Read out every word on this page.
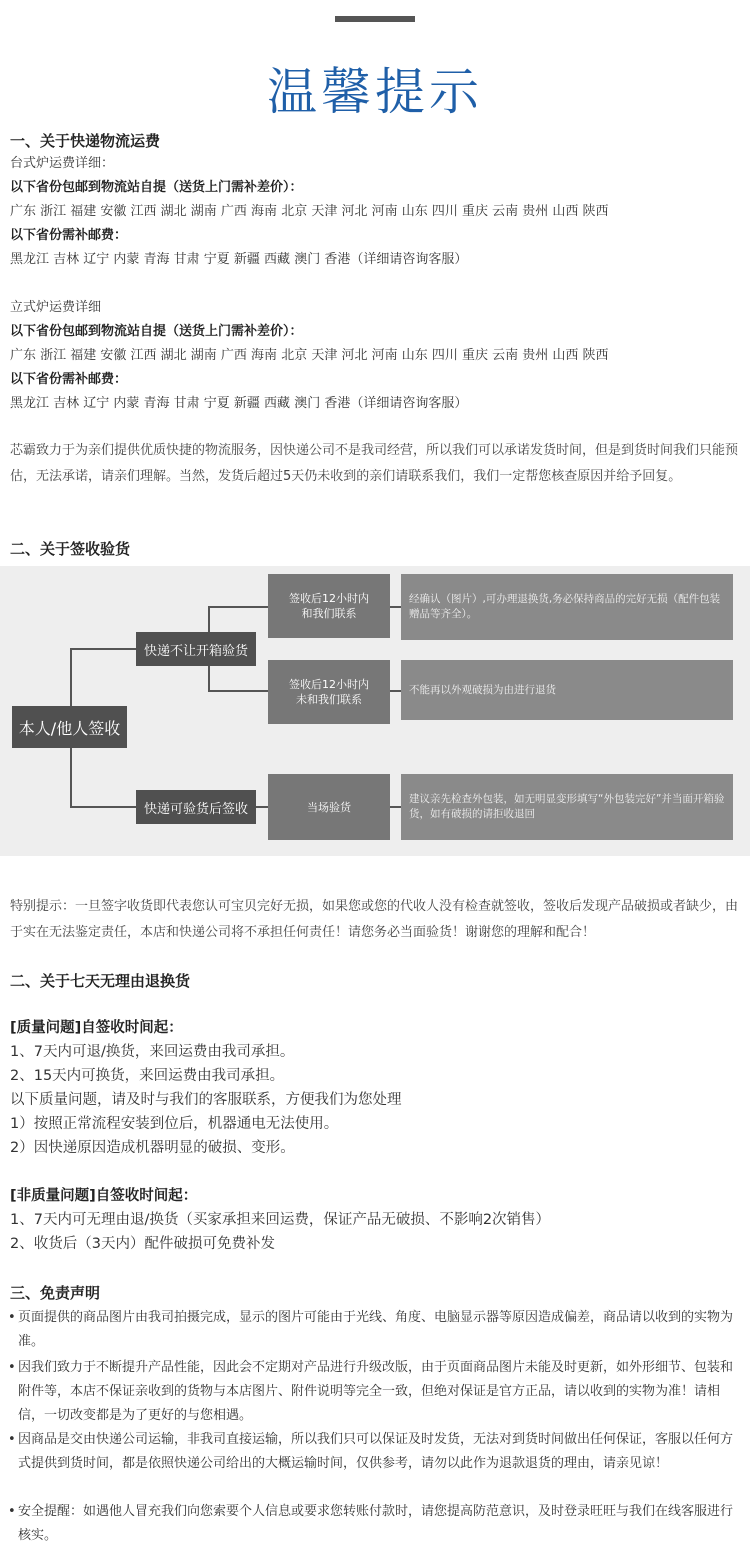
温馨提示
一、关于快递物流运费
台式炉运费详细：
以下省份包邮到物流站自提（送货上门需补差价）：
广东 浙江 福建 安徽 江西 湖北 湖南 广西 海南 北京 天津 河北 河南 山东 四川 重庆 云南 贵州 山西 陕西
以下省份需补邮费：
黑龙江 吉林 辽宁 内蒙 青海 甘肃 宁夏 新疆 西藏 澳门 香港（详细请咨询客服）
立式炉运费详细
以下省份包邮到物流站自提（送货上门需补差价）：
广东 浙江 福建 安徽 江西 湖北 湖南 广西 海南 北京 天津 河北 河南 山东 四川 重庆 云南 贵州 山西 陕西
以下省份需补邮费：
黑龙江 吉林 辽宁 内蒙 青海 甘肃 宁夏 新疆 西藏 澳门 香港（详细请咨询客服）
芯霸致力于为亲们提供优质快捷的物流服务，因快递公司不是我司经营，所以我们可以承诺发货时间，但是到货时间我们只能预估，无法承诺，请亲们理解。当然，发货后超过5天仍未收到的亲们请联系我们，我们一定帮您核查原因并给予回复。
二、关于签收验货
本人/他人签收
快递不让开箱验货
快递可验货后签收
签收后12小时内和我们联系
签收后12小时内未和我们联系
当场验货
经确认（图片）,可办理退换货,务必保持商品的完好无损（配件包装赠品等齐全）。
不能再以外观破损为由进行退货
建议亲先检查外包装，如无明显变形填写“外包装完好”并当面开箱验货，如有破损的请拒收退回
特别提示：一旦签字收货即代表您认可宝贝完好无损，如果您或您的代收人没有检查就签收，签收后发现产品破损或者缺少，由于实在无法鉴定责任，本店和快递公司将不承担任何责任！请您务必当面验货！谢谢您的理解和配合！
二、关于七天无理由退换货
[质量问题]自签收时间起：
1、7天内可退/换货，来回运费由我司承担。
2、15天内可换货，来回运费由我司承担。
以下质量问题，请及时与我们的客服联系，方便我们为您处理
1）按照正常流程安装到位后，机器通电无法使用。
2）因快递原因造成机器明显的破损、变形。
[非质量问题]自签收时间起：
1、7天内可无理由退/换货（买家承担来回运费，保证产品无破损、不影响2次销售）
2、收货后（3天内）配件破损可免费补发
三、免责声明
• 页面提供的商品图片由我司拍摄完成，显示的图片可能由于光线、角度、电脑显示器等原因造成偏差，商品请以收到的实物为准。
• 因我们致力于不断提升产品性能，因此会不定期对产品进行升级改版，由于页面商品图片未能及时更新，如外形细节、包装和附件等，本店不保证亲收到的货物与本店图片、附件说明等完全一致，但绝对保证是官方正品，请以收到的实物为准！请相信，一切改变都是为了更好的与您相遇。
• 因商品是交由快递公司运输，非我司直接运输，所以我们只可以保证及时发货，无法对到货时间做出任何保证，客服以任何方式提供到货时间，都是依照快递公司给出的大概运输时间，仅供参考，请勿以此作为退款退货的理由，请亲见谅！
• 安全提醒：如遇他人冒充我们向您索要个人信息或要求您转账付款时，请您提高防范意识，及时登录旺旺与我们在线客服进行核实。
